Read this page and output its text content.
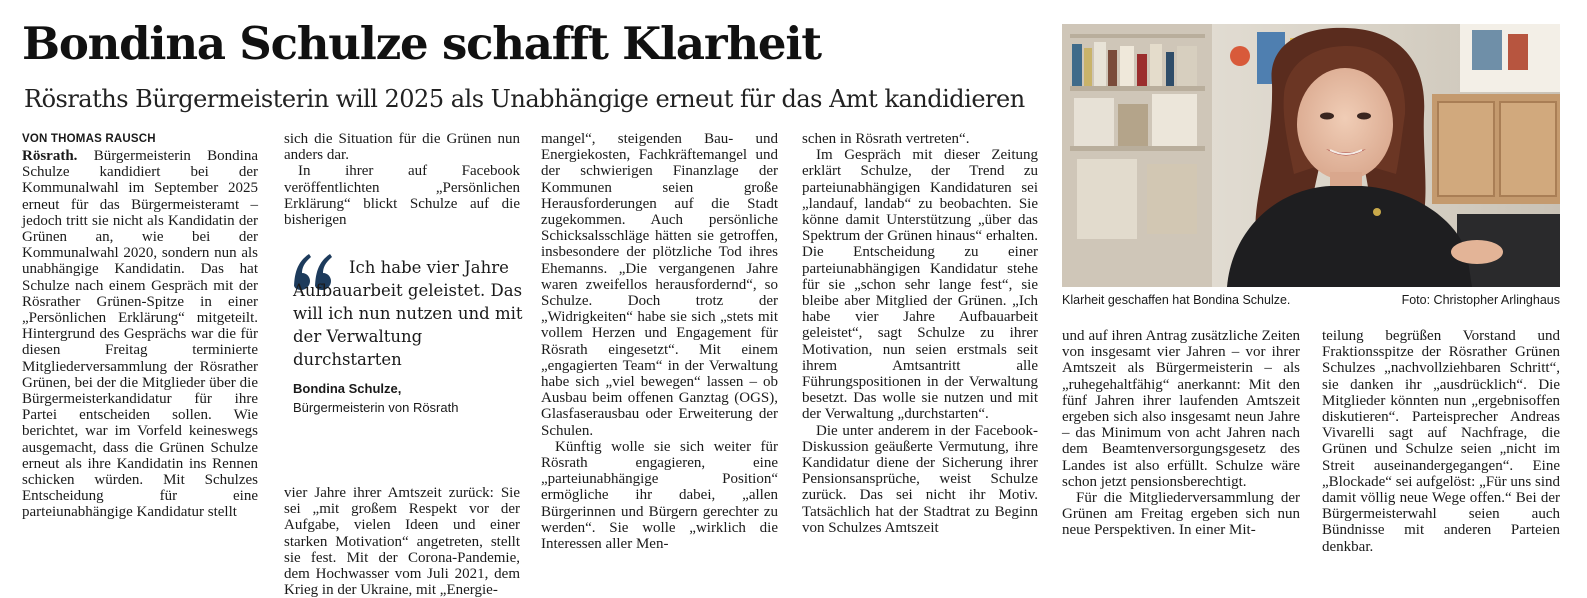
Bondina Schulze schafft Klarheit
Rösraths Bürgermeisterin will 2025 als Unabhängige erneut für das Amt kandidieren
VON THOMAS RAUSCH

Rösrath. Bürgermeisterin Bondina Schulze kandidiert bei der Kommunalwahl im September 2025 erneut für das Bürgermeisteramt – jedoch tritt sie nicht als Kandidatin der Grünen an, wie bei der Kommunalwahl 2020, sondern nun als unabhängige Kandidatin. Das hat Schulze nach einem Gespräch mit der Rösrather Grünen-Spitze in einer „Persönlichen Erklärung“ mitgeteilt. Hintergrund des Gesprächs war die für diesen Freitag terminierte Mitgliederversammlung der Rösrather Grünen, bei der die Mitglieder über die Bürgermeisterkandidatur für ihre Partei entscheiden sollen. Wie berichtet, war im Vorfeld keineswegs ausgemacht, dass die Grünen Schulze erneut als ihre Kandidatin ins Rennen schicken würden. Mit Schulzes Entscheidung für eine parteiunabhängige Kandidatur stellt

sich die Situation für die Grünen nun anders dar.

In ihrer auf Facebook veröffentlichten „Persönlichen Erklärung“ blickt Schulze auf die bisherigen

Ich habe vier Jahre Aufbauarbeit geleistet. Das will ich nun nutzen und mit der Verwaltung durchstarten

Bondina Schulze,
Bürgermeisterin von Rösrath

vier Jahre ihrer Amtszeit zurück: Sie sei „mit großem Respekt vor der Aufgabe, vielen Ideen und einer starken Motivation“ angetreten, stellt sie fest. Mit der Corona-Pandemie, dem Hochwasser vom Juli 2021, dem Krieg in der Ukraine, mit „Energie-

mangel“, steigenden Bau- und Energiekosten, Fachkräftemangel und der schwierigen Finanzlage der Kommunen seien große Herausforderungen auf die Stadt zugekommen. Auch persönliche Schicksalsschläge hätten sie getroffen, insbesondere der plötzliche Tod ihres Ehemanns. „Die vergangenen Jahre waren zweifellos herausfordernd“, so Schulze. Doch trotz der „Widrigkeiten“ habe sie sich „stets mit vollem Herzen und Engagement für Rösrath eingesetzt“. Mit einem „engagierten Team“ in der Verwaltung habe sich „viel bewegen“ lassen – ob Ausbau beim offenen Ganztag (OGS), Glasfaserausbau oder Erweiterung der Schulen.

Künftig wolle sie sich weiter für Rösrath engagieren, eine „parteiunabhängige Position“ ermögliche ihr dabei, „allen Bürgerinnen und Bürgern gerechter zu werden“. Sie wolle „wirklich die Interessen aller Men-

schen in Rösrath vertreten“.

Im Gespräch mit dieser Zeitung erklärt Schulze, der Trend zu parteiunabhängigen Kandidaturen sei „landauf, landab“ zu beobachten. Sie könne damit Unterstützung „über das Spektrum der Grünen hinaus“ erhalten. Die Entscheidung zu einer parteiunabhängigen Kandidatur stehe für sie „schon sehr lange fest“, sie bleibe aber Mitglied der Grünen. „Ich habe vier Jahre Aufbauarbeit geleistet“, sagt Schulze zu ihrer Motivation, nun seien erstmals seit ihrem Amtsantritt alle Führungspositionen in der Verwaltung besetzt. Das wolle sie nutzen und mit der Verwaltung „durchstarten“.

Die unter anderem in der Facebook-Diskussion geäußerte Vermutung, ihre Kandidatur diene der Sicherung ihrer Pensionsansprüche, weist Schulze zurück. Das sei nicht ihr Motiv. Tatsächlich hat der Stadtrat zu Beginn von Schulzes Amtszeit

Klarheit geschaffen hat Bondina Schulze.	Foto: Christopher Arlinghaus

und auf ihren Antrag zusätzliche Zeiten von insgesamt vier Jahren – vor ihrer Amtszeit als Bürgermeisterin – als „ruhegehaltfähig“ anerkannt: Mit den fünf Jahren ihrer laufenden Amtszeit ergeben sich also insgesamt neun Jahre – das Minimum von acht Jahren nach dem Beamtenversorgungsgesetz des Landes ist also erfüllt. Schulze wäre schon jetzt pensionsberechtigt.

Für die Mitgliederversammlung der Grünen am Freitag ergeben sich nun neue Perspektiven. In einer Mit-

teilung begrüßen Vorstand und Fraktionsspitze der Rösrather Grünen Schulzes „nachvollziehbaren Schritt“, sie danken ihr „ausdrücklich“. Die Mitglieder könnten nun „ergebnisoffen diskutieren“. Parteisprecher Andreas Vivarelli sagt auf Nachfrage, die Grünen und Schulze seien „nicht im Streit auseinandergegangen“. Eine „Blockade“ sei aufgelöst: „Für uns sind damit völlig neue Wege offen.“ Bei der Bürgermeisterwahl seien auch Bündnisse mit anderen Parteien denkbar.
